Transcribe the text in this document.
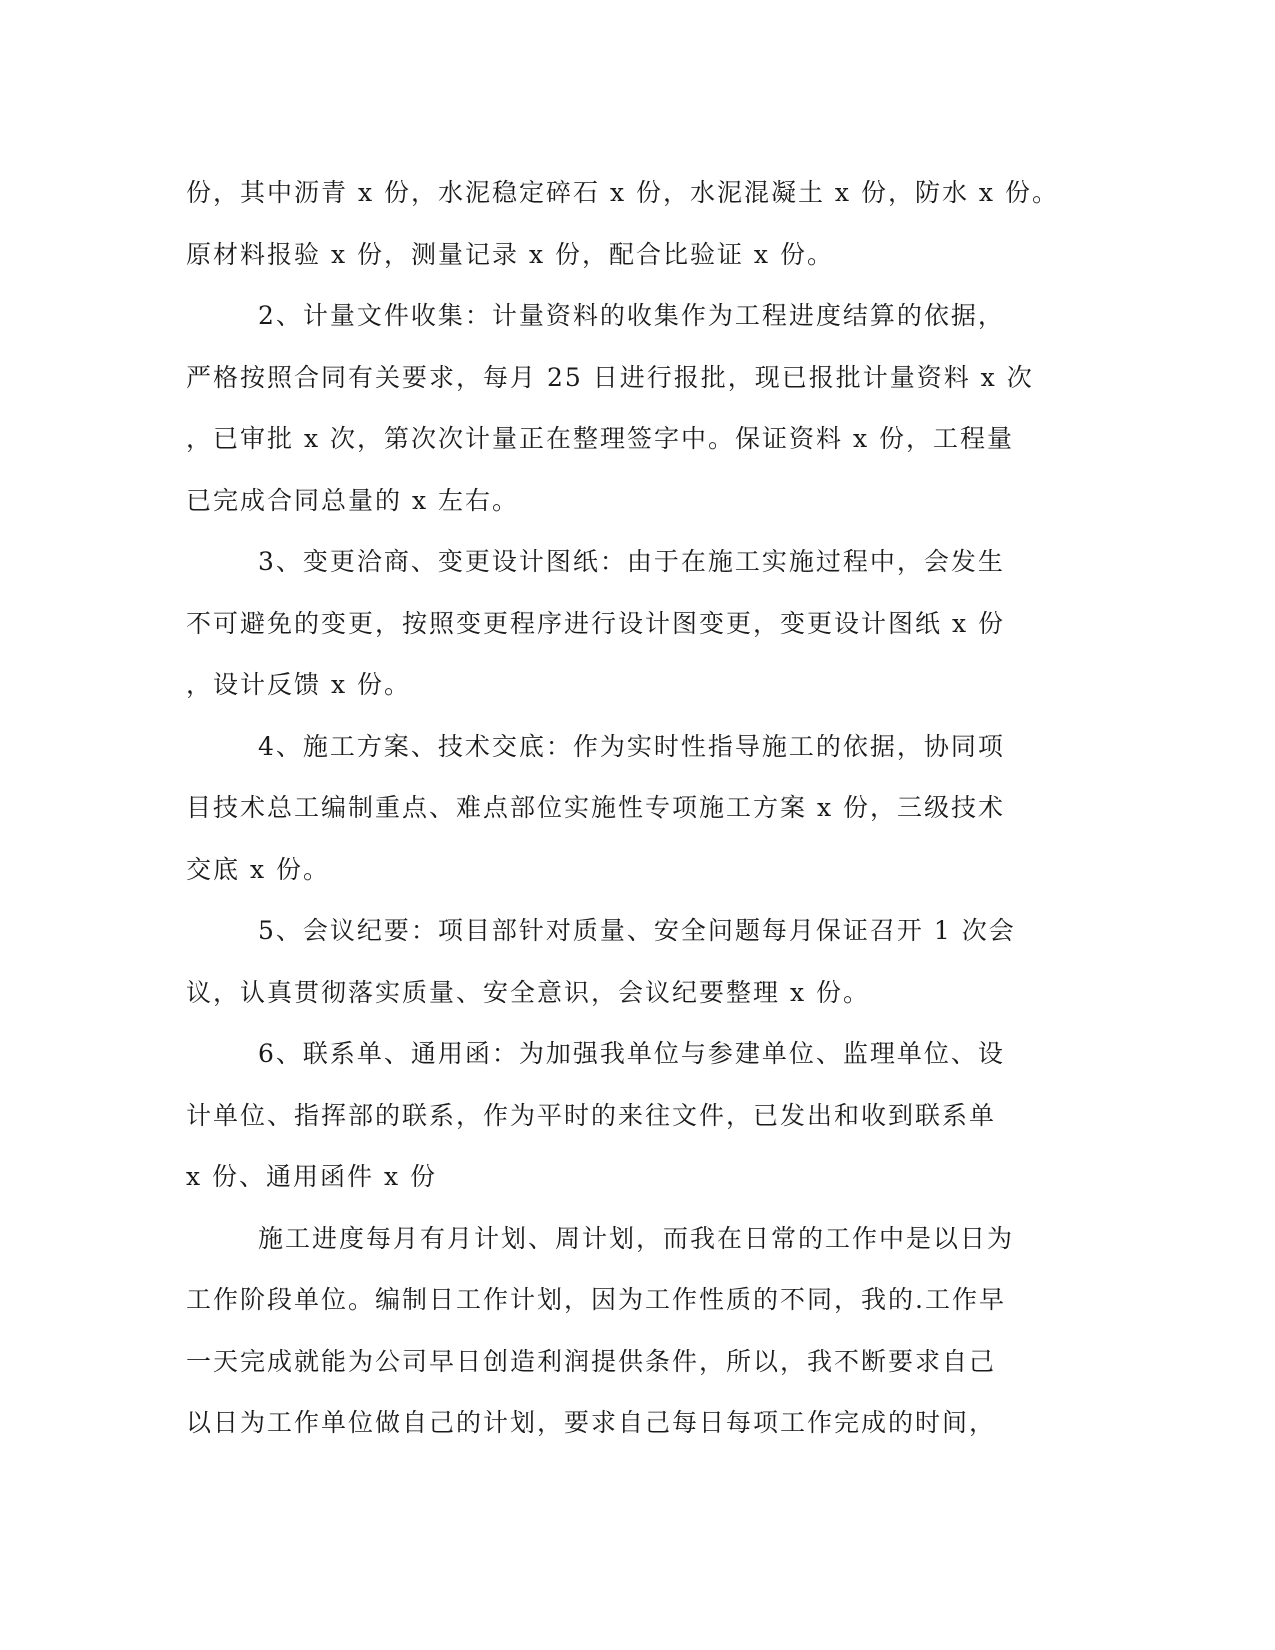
份，其中沥青 x 份，水泥稳定碎石 x 份，水泥混凝土 x 份，防水 x 份。
原材料报验 x 份，测量记录 x 份，配合比验证 x 份。
2、计量文件收集：计量资料的收集作为工程进度结算的依据，
严格按照合同有关要求，每月 25 日进行报批，现已报批计量资料 x 次
，已审批 x 次，第次次计量正在整理签字中。保证资料 x 份，工程量
已完成合同总量的 x 左右。
3、变更洽商、变更设计图纸：由于在施工实施过程中，会发生
不可避免的变更，按照变更程序进行设计图变更，变更设计图纸 x 份
，设计反馈 x 份。
4、施工方案、技术交底：作为实时性指导施工的依据，协同项
目技术总工编制重点、难点部位实施性专项施工方案 x 份，三级技术
交底 x 份。
5、会议纪要：项目部针对质量、安全问题每月保证召开 1 次会
议，认真贯彻落实质量、安全意识，会议纪要整理 x 份。
6、联系单、通用函：为加强我单位与参建单位、监理单位、设
计单位、指挥部的联系，作为平时的来往文件，已发出和收到联系单
x 份、通用函件 x 份
施工进度每月有月计划、周计划，而我在日常的工作中是以日为
工作阶段单位。编制日工作计划，因为工作性质的不同，我的.工作早
一天完成就能为公司早日创造利润提供条件，所以，我不断要求自己
以日为工作单位做自己的计划，要求自己每日每项工作完成的时间，
